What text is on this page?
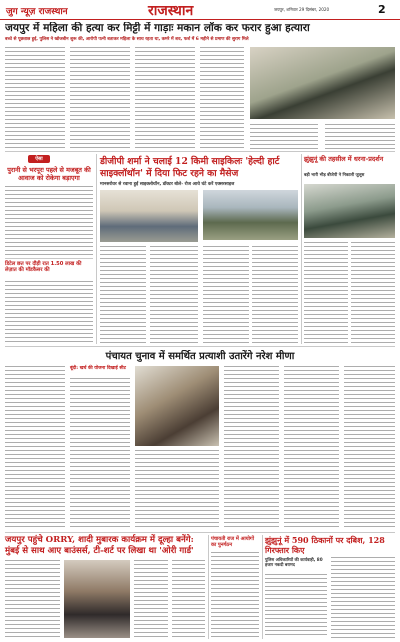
जुग न्यूज़ राजस्थान	राजस्थान	जयपुर, शनिवार 29 दिसंबर, 2020	2
जयपुर में महिला की हत्या कर मिट्टी में गाड़ाः मकान लॉक कर फरार हुआ हत्यारा
बच्चे से पूछताछ हुई, पुलिस ने खोजबीन शुरू की, आरोपी पत्नी बताकर महिला के साथ रहता था, कमरे में शव, फर्श में 6 महीने से प्रमाण की सुराग मिले
ऐसा
पुरानी से भरपूरः पहले से मजबूत की आवाज को रोकेगा बड़ाएगा
डिटेल छत पर दौड़ी रात 1.50 लाख की लेज़ात की मॉडकैसर की
डीजीपी शर्मा ने चलाई 12 किमी साइकिलः 'हेल्दी हार्ट साइक्लॉथॉन' में दिया फिट रहने का मैसेज
मानसरोवर से रवाना हुई साइक्लोथॉन, डॉक्टर बोले- रोज आधे घंटे करें एक्सरसाइज
झुंझुनूं की तहसील में धरना-प्रदर्शन
बड़ी भारी भीड़ बीजेपी ने निकाली जुलूस
पंचायत चुनाव में समर्थित प्रत्याशी उतारेंगे नरेश मीणा
बूंदी: खर्च की योजना दिखाई सीट
जयपुर पहुंचे ORRY, शादी मुबारक कार्यक्रम में दूल्हा बनेंगे: मुंबई से साथ आए बाउंसर्स, टी-शर्ट पर लिखा था 'ओरी गार्ड'
पंचायती राज में आयोगों का पुनर्गठन	झुंझुनूं में 590 ठिकानों पर दबिश, 128 गिरफ्तार किए
पुलिस अधिकारियों की कार्यवाही, 80 हजार नकदी बरामद
